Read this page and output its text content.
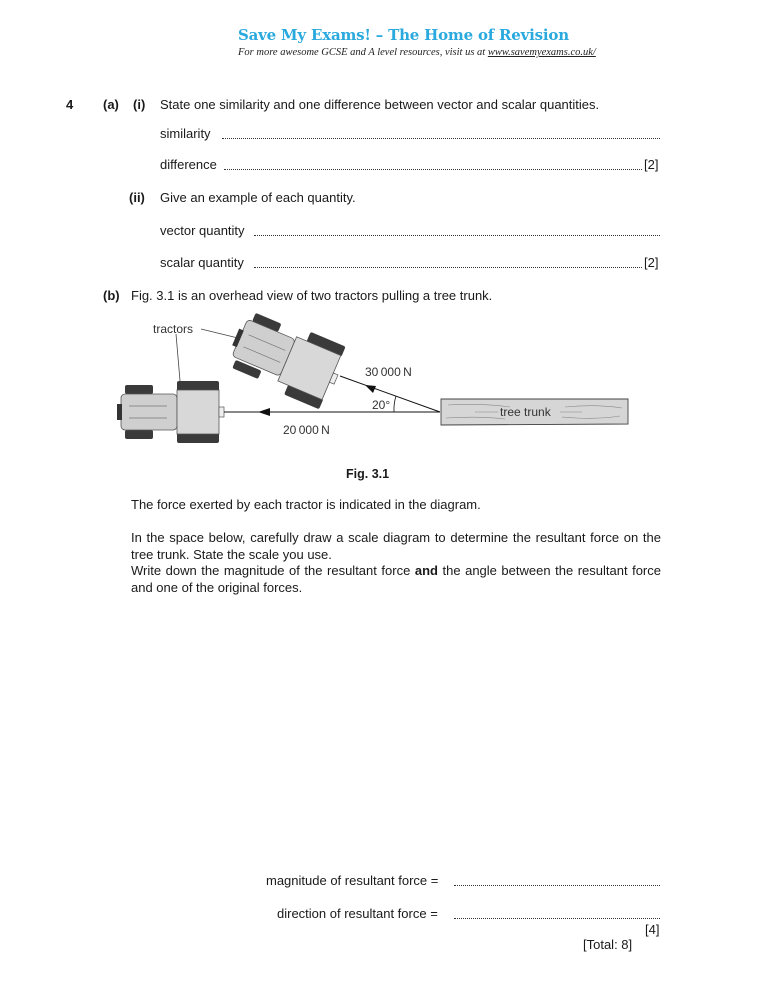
Save My Exams! – The Home of Revision
For more awesome GCSE and A level resources, visit us at www.savemyexams.co.uk/
4 (a) (i) State one similarity and one difference between vector and scalar quantities.
similarity
difference	[2]
(ii) Give an example of each quantity.
vector quantity
scalar quantity	[2]
(b) Fig. 3.1 is an overhead view of two tractors pulling a tree trunk.
tractors
30 000 N
20°
20 000 N
tree trunk
Fig. 3.1

The force exerted by each tractor is indicated in the diagram.

In the space below, carefully draw a scale diagram to determine the resultant force on the tree trunk. State the scale you use.

Write down the magnitude of the resultant force and the angle between the resultant force and one of the original forces.

magnitude of resultant force =
direction of resultant force =
[4]
[Total: 8]
